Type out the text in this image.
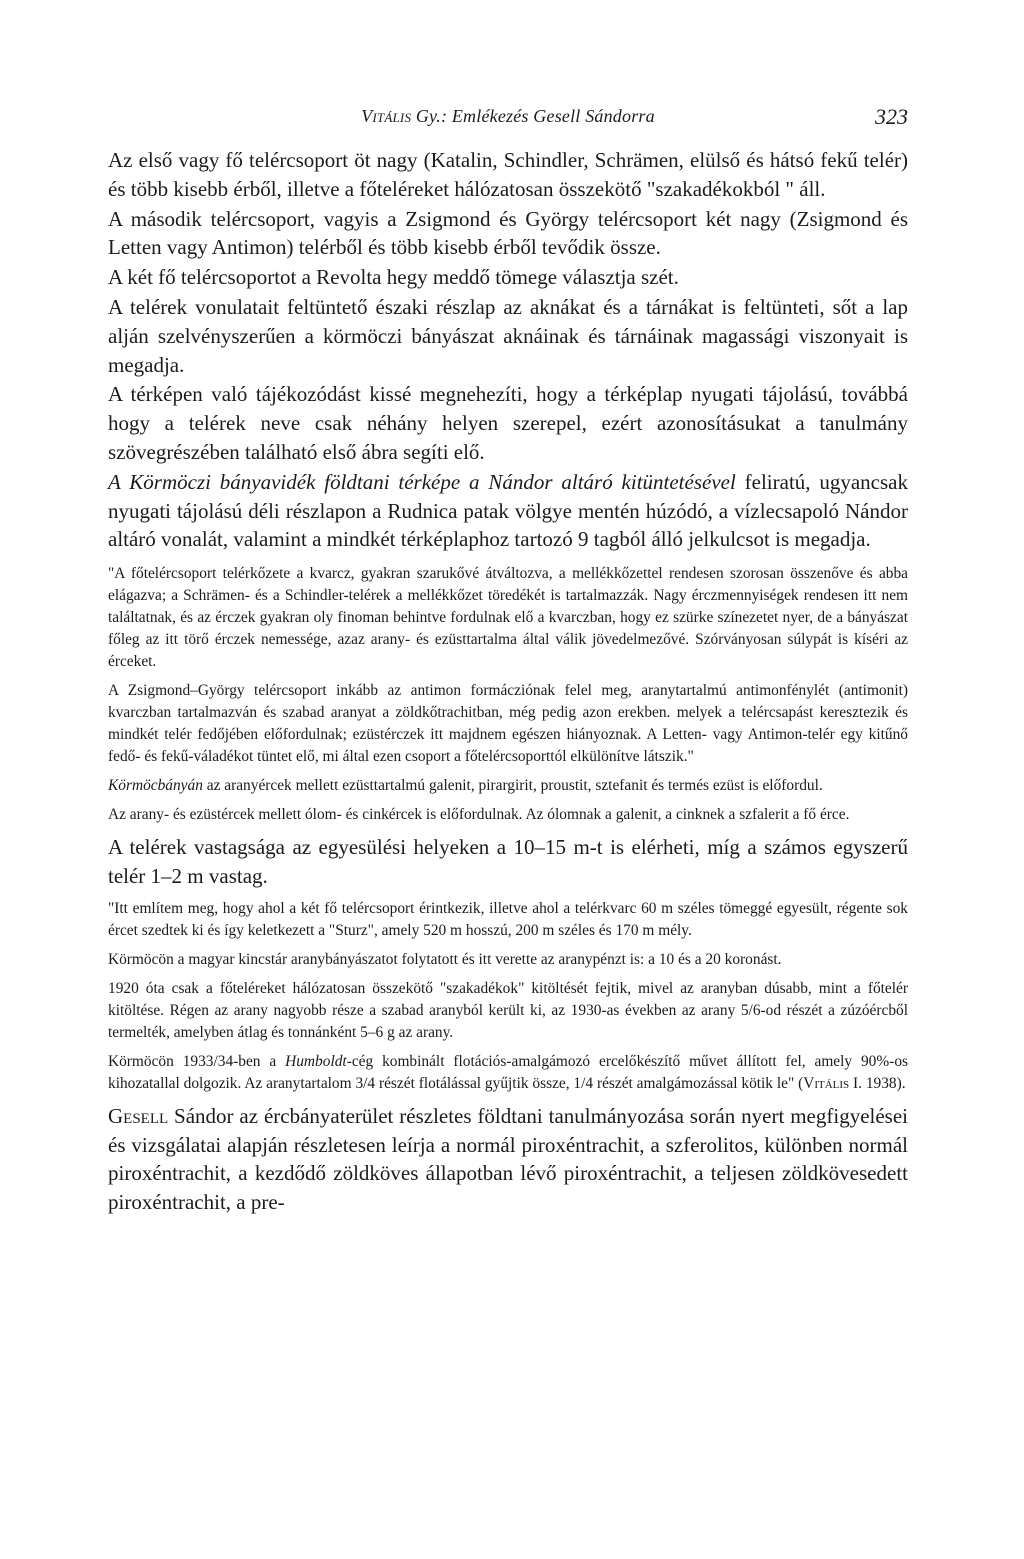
Vitális Gy.: Emlékezés Gesell Sándorra	323

Az első vagy fő telércsoport öt nagy (Katalin, Schindler, Schrämen, elülső és hátsó fekű telér) és több kisebb érből, illetve a főteléreket hálózatosan összekötő "szakadékokból " áll.

A második telércsoport, vagyis a Zsigmond és György telércsoport két nagy (Zsigmond és Letten vagy Antimon) telérből és több kisebb érből tevődik össze.

A két fő telércsoportot a Revolta hegy meddő tömege választja szét.

A telérek vonulatait feltüntető északi részlap az aknákat és a tárnákat is feltünteti, sőt a lap alján szelvényszerűen a körmöczi bányászat aknáinak és tárnáinak magassági viszonyait is megadja.

A térképen való tájékozódást kissé megnehezíti, hogy a térképlap nyugati tájolású, továbbá hogy a telérek neve csak néhány helyen szerepel, ezért azonosításukat a tanulmány szövegrészében található első ábra segíti elő.

A Körmöczi bányavidék földtani térképe a Nándor altáró kitüntetésével feliratú, ugyancsak nyugati tájolású déli részlapon a Rudnica patak völgye mentén húzódó, a vízlecsapoló Nándor altáró vonalát, valamint a mindkét térképlaphoz tartozó 9 tagból álló jelkulcsot is megadja.

"A főtelércsoport telérkőzete a kvarcz, gyakran szarukővé átváltozva, a mellékkőzettel rendesen szorosan összenőve és abba elágazva; a Schrämen- és a Schindler-telérek a mellékkőzet töredékét is tartalmazzák. Nagy érczmennyiségek rendesen itt nem találtatnak, és az érczek gyakran oly finoman behintve fordulnak elő a kvarczban, hogy ez szürke színezetet nyer, de a bányászat főleg az itt törő érczek nemessége, azaz arany- és ezüsttartalma által válik jövedelmezővé. Szórványosan súlypát is kíséri az érceket.

A Zsigmond–György telércsoport inkább az antimon formácziónak felel meg, aranytartalmú antimonfénylét (antimonit) kvarczban tartalmazván és szabad aranyat a zöldkőtrachitban, még pedig azon erekben. melyek a telércsapást keresztezik és mindkét telér fedőjében előfordulnak; ezüstérczek itt majdnem egészen hiányoznak. A Letten- vagy Antimon-telér egy kitűnő fedő- és fekű-váladékot tüntet elő, mi által ezen csoport a főtelércsoporttól elkülönítve látszik."

Körmöcbányán az aranyércek mellett ezüsttartalmú galenit, pirargirit, proustit, sztefanit és termés ezüst is előfordul.

Az arany- és ezüstércek mellett ólom- és cinkércek is előfordulnak. Az ólomnak a galenit, a cinknek a szfalerit a fő érce.

A telérek vastagsága az egyesülési helyeken a 10–15 m-t is elérheti, míg a számos egyszerű telér 1–2 m vastag.

"Itt említem meg, hogy ahol a két fő telércsoport érintkezik, illetve ahol a telérkvarc 60 m széles tömeggé egyesült, régente sok ércet szedtek ki és így keletkezett a "Sturz", amely 520 m hosszú, 200 m széles és 170 m mély.

Körmöcön a magyar kincstár aranybányászatot folytatott és itt verette az aranypénzt is: a 10 és a 20 koronást.

1920 óta csak a főteléreket hálózatosan összekötő "szakadékok" kitöltését fejtik, mivel az aranyban dúsabb, mint a főtelér kitöltése. Régen az arany nagyobb része a szabad aranyból került ki, az 1930-as években az arany 5/6-od részét a zúzóércből termelték, amelyben átlag és tonnánként 5–6 g az arany.

Körmöcön 1933/34-ben a Humboldt-cég kombinált flotációs-amalgámozó ercelőkészítő művet állított fel, amely 90%-os kihozatallal dolgozik. Az aranytartalom 3/4 részét flotálással gyűjtik össze, 1/4 részét amalgámozással kötik le" (Vitális I. 1938).

Gesell Sándor az ércbányaterület részletes földtani tanulmányozása során nyert megfigyelései és vizsgálatai alapján részletesen leírja a normál piroxéntrachit, a szferolitos, különben normál piroxéntrachit, a kezdődő zöldköves állapotban lévő piroxéntrachit, a teljesen zöldkövesedett piroxéntrachit, a pre-
